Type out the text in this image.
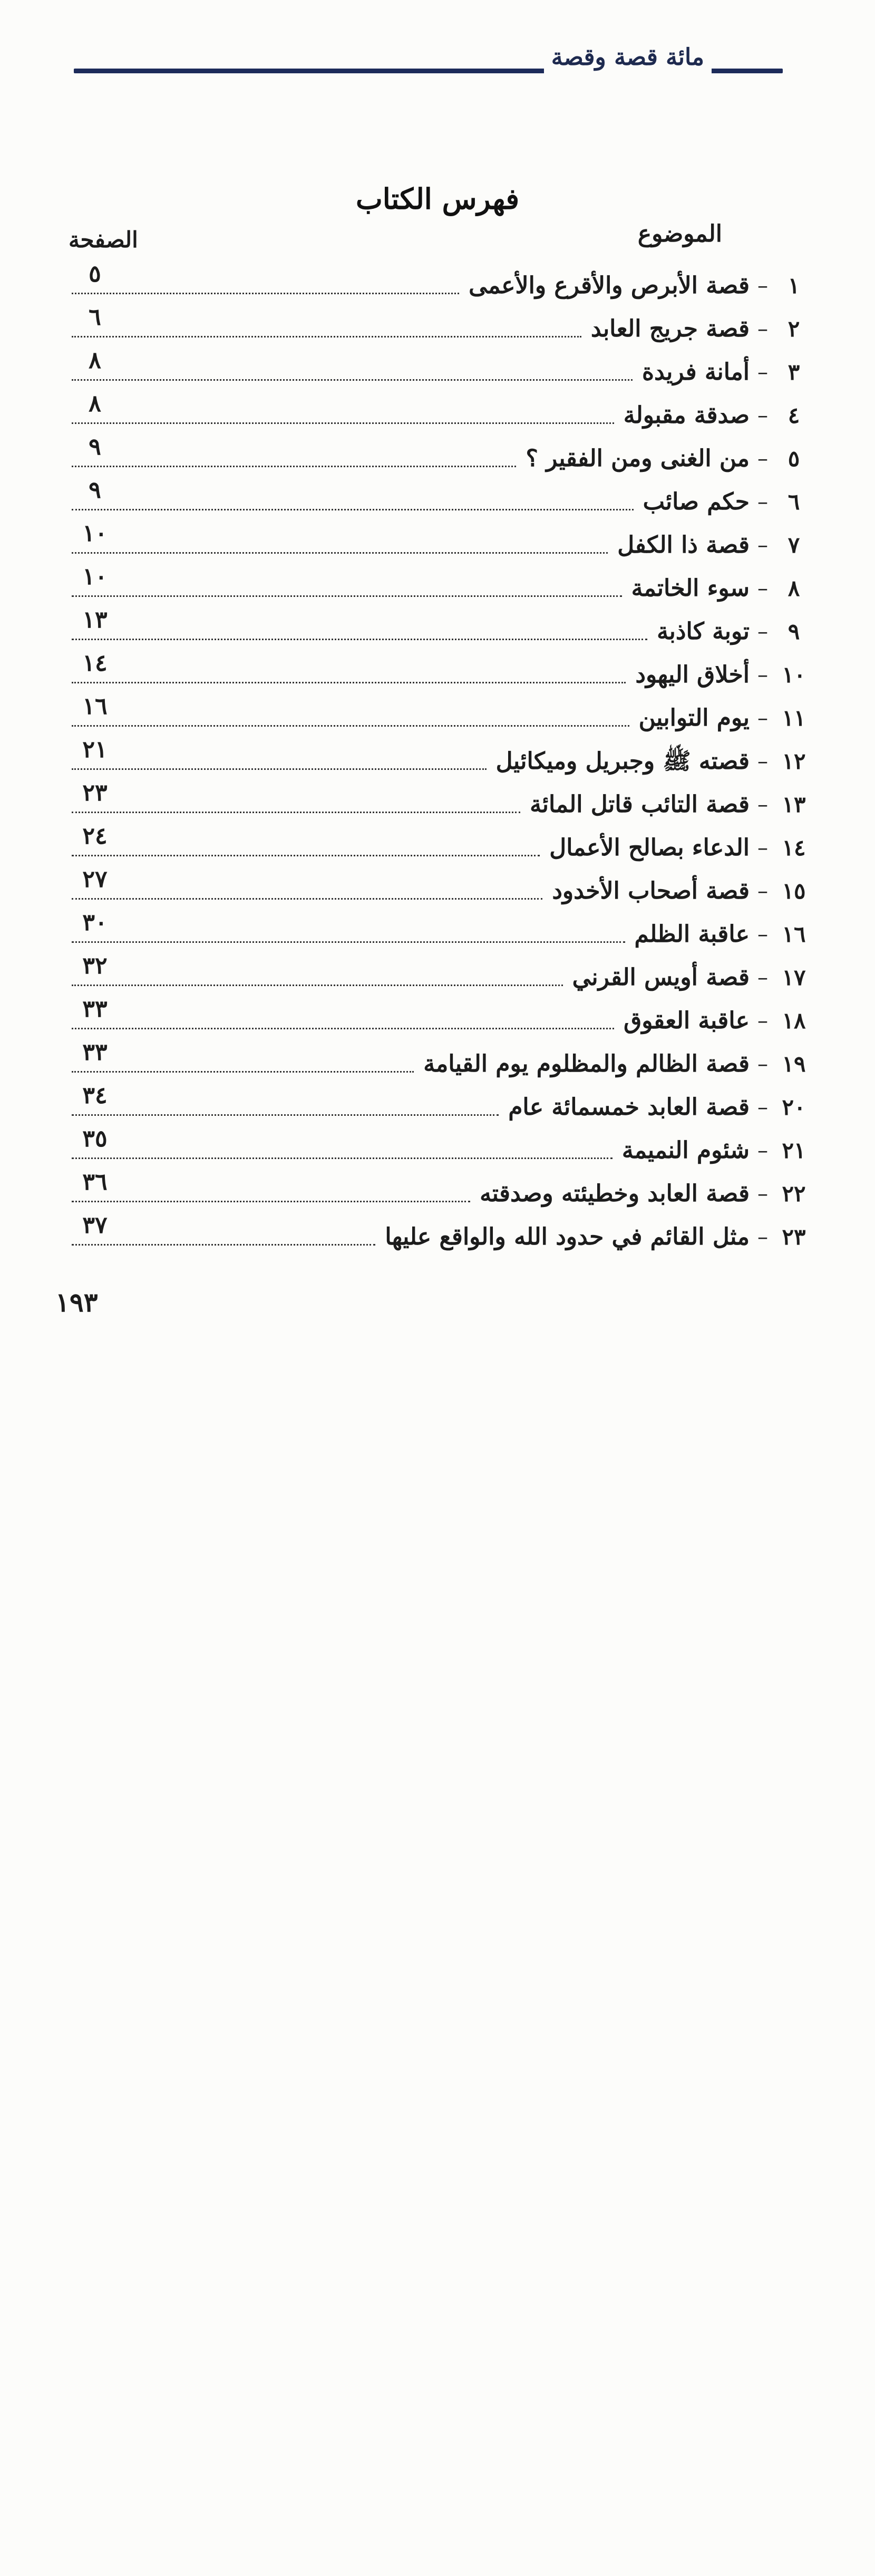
مائة قصة وقصة
فهرس الكتاب
الموضوع
الصفحة
١
–
قصة الأبرص والأقرع والأعمى
٥
٢
–
قصة جريج العابد
٦
٣
–
أمانة فريدة
٨
٤
–
صدقة مقبولة
٨
٥
–
من الغنى ومن الفقير ؟
٩
٦
–
حكم صائب
٩
٧
–
قصة ذا الكفل
١٠
٨
–
سوء الخاتمة
١٠
٩
–
توبة كاذبة
١٣
١٠
–
أخلاق اليهود
١٤
١١
–
يوم التوابين
١٦
١٢
–
قصته ﷺ وجبريل وميكائيل
٢١
١٣
–
قصة التائب قاتل المائة
٢٣
١٤
–
الدعاء بصالح الأعمال
٢٤
١٥
–
قصة أصحاب الأخدود
٢٧
١٦
–
عاقبة الظلم
٣٠
١٧
–
قصة أويس القرني
٣٢
١٨
–
عاقبة العقوق
٣٣
١٩
–
قصة الظالم والمظلوم يوم القيامة
٣٣
٢٠
–
قصة العابد خمسمائة عام
٣٤
٢١
–
شئوم النميمة
٣٥
٢٢
–
قصة العابد وخطيئته وصدقته
٣٦
٢٣
–
مثل القائم في حدود الله والواقع عليها
٣٧
١٩٣
